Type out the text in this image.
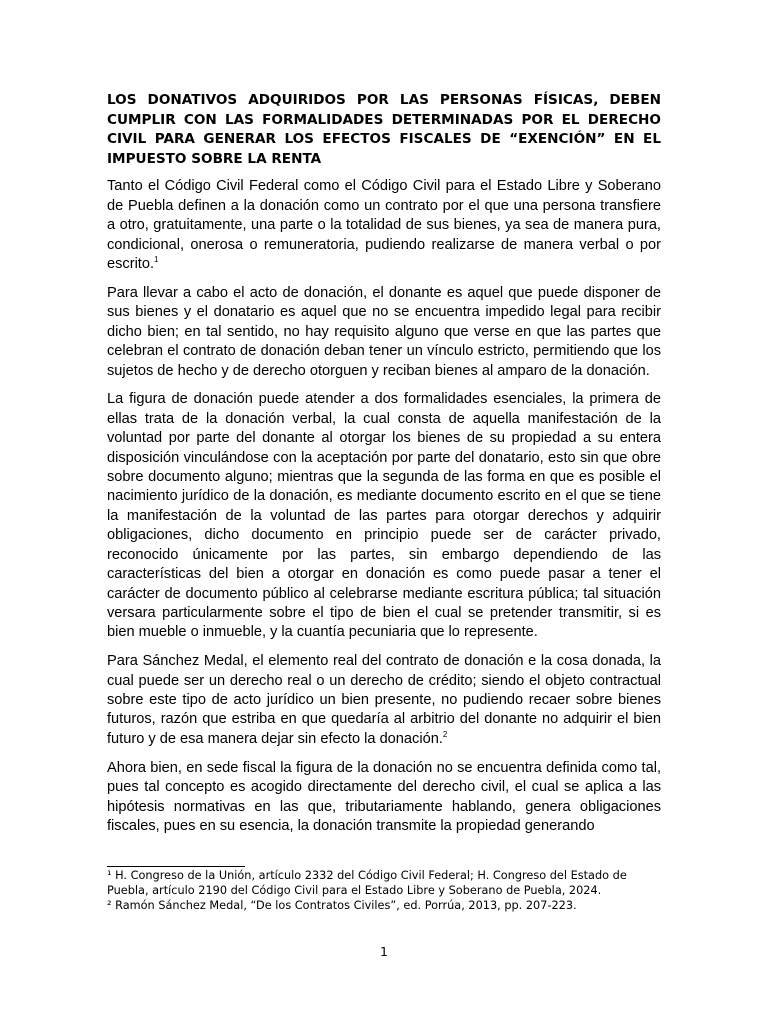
LOS DONATIVOS ADQUIRIDOS POR LAS PERSONAS FÍSICAS, DEBEN CUMPLIR CON LAS FORMALIDADES DETERMINADAS POR EL DERECHO CIVIL PARA GENERAR LOS EFECTOS FISCALES DE “EXENCIÓN” EN EL IMPUESTO SOBRE LA RENTA

Tanto el Código Civil Federal como el Código Civil para el Estado Libre y Soberano de Puebla definen a la donación como un contrato por el que una persona transfiere a otro, gratuitamente, una parte o la totalidad de sus bienes, ya sea de manera pura, condicional, onerosa o remuneratoria, pudiendo realizarse de manera verbal o por escrito.$^1$

Para llevar a cabo el acto de donación, el donante es aquel que puede disponer de sus bienes y el donatario es aquel que no se encuentra impedido legal para recibir dicho bien; en tal sentido, no hay requisito alguno que verse en que las partes que celebran el contrato de donación deban tener un vínculo estricto, permitiendo que los sujetos de hecho y de derecho otorguen y reciban bienes al amparo de la donación.

La figura de donación puede atender a dos formalidades esenciales, la primera de ellas trata de la donación verbal, la cual consta de aquella manifestación de la voluntad por parte del donante al otorgar los bienes de su propiedad a su entera disposición vinculándose con la aceptación por parte del donatario, esto sin que obre sobre documento alguno; mientras que la segunda de las forma en que es posible el nacimiento jurídico de la donación, es mediante documento escrito en el que se tiene la manifestación de la voluntad de las partes para otorgar derechos y adquirir obligaciones, dicho documento en principio puede ser de carácter privado, reconocido únicamente por las partes, sin embargo dependiendo de las características del bien a otorgar en donación es como puede pasar a tener el carácter de documento público al celebrarse mediante escritura pública; tal situación versara particularmente sobre el tipo de bien el cual se pretender transmitir, si es bien mueble o inmueble, y la cuantía pecuniaria que lo represente.

Para Sánchez Medal, el elemento real del contrato de donación e la cosa donada, la cual puede ser un derecho real o un derecho de crédito; siendo el objeto contractual sobre este tipo de acto jurídico un bien presente, no pudiendo recaer sobre bienes futuros, razón que estriba en que quedaría al arbitrio del donante no adquirir el bien futuro y de esa manera dejar sin efecto la donación.$^2$

Ahora bien, en sede fiscal la figura de la donación no se encuentra definida como tal, pues tal concepto es acogido directamente del derecho civil, el cual se aplica a las hipótesis normativas en las que, tributariamente hablando, genera obligaciones fiscales, pues en su esencia, la donación transmite la propiedad generando

¹ H. Congreso de la Unión, artículo 2332 del Código Civil Federal; H. Congreso del Estado de Puebla, artículo 2190 del Código Civil para el Estado Libre y Soberano de Puebla, 2024.

² Ramón Sánchez Medal, “De los Contratos Civiles”, ed. Porrúa, 2013, pp. 207-223.

1
